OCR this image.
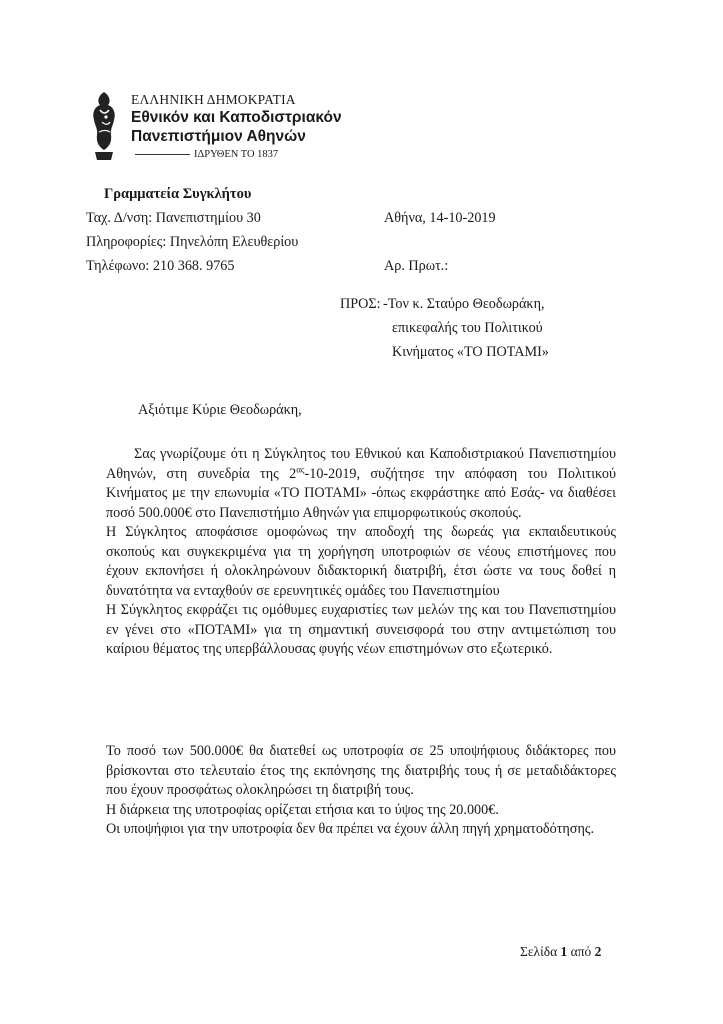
ΕΛΛΗΝΙΚΗ ΔΗΜΟΚΡΑΤΙΑ
Εθνικόν και Καποδιστριακόν
Πανεπιστήμιον Αθηνών
ΙΔΡΥΘΕΝ ΤΟ 1837
Γραμματεία Συγκλήτου
Ταχ. Δ/νση: Πανεπιστημίου 30
Πληροφορίες: Πηνελόπη Ελευθερίου
Τηλέφωνο: 210 368. 9765
Αθήνα, 14-10-2019
Αρ. Πρωτ.:
ΠΡΟΣ: -Τον κ. Σταύρο Θεοδωράκη,
επικεφαλής του Πολιτικού
Κινήματος «ΤΟ ΠΟΤΑΜΙ»
Αξιότιμε Κύριε Θεοδωράκη,

Σας γνωρίζουμε ότι η Σύγκλητος του Εθνικού και Καποδιστριακού Πανεπιστημίου Αθηνών, στη συνεδρία της $2^{\alpha\varsigma}-10-2019$, συζήτησε την απόφαση του Πολιτικού Κινήματος με την επωνυμία «ΤΟ ΠΟΤΑΜΙ» -όπως εκφράστηκε από Εσάς- να διαθέσει ποσό 500.000€ στο Πανεπιστήμιο Αθηνών για επιμορφωτικούς σκοπούς.

Η Σύγκλητος αποφάσισε ομοφώνως την αποδοχή της δωρεάς για εκπαιδευτικούς σκοπούς και συγκεκριμένα για τη χορήγηση υποτροφιών σε νέους επιστήμονες που έχουν εκπονήσει ή ολοκληρώνουν διδακτορική διατριβή, έτσι ώστε να τους δοθεί η δυνατότητα να ενταχθούν σε ερευνητικές ομάδες του Πανεπιστημίου

Η Σύγκλητος εκφράζει τις ομόθυμες ευχαριστίες των μελών της και του Πανεπιστημίου εν γένει στο «ΠΟΤΑΜΙ» για τη σημαντική συνεισφορά του στην αντιμετώπιση του καίριου θέματος της υπερβάλλουσας φυγής νέων επιστημόνων στο εξωτερικό.

Το ποσό των 500.000€ θα διατεθεί ως υποτροφία σε 25 υποψήφιους διδάκτορες που βρίσκονται στο τελευταίο έτος της εκπόνησης της διατριβής τους ή σε μεταδιδάκτορες που έχουν προσφάτως ολοκληρώσει τη διατριβή τους.

Η διάρκεια της υποτροφίας ορίζεται ετήσια και το ύψος της 20.000€.

Οι υποψήφιοι για την υποτροφία δεν θα πρέπει να έχουν άλλη πηγή χρηματοδότησης.

Σελίδα 1 από 2
